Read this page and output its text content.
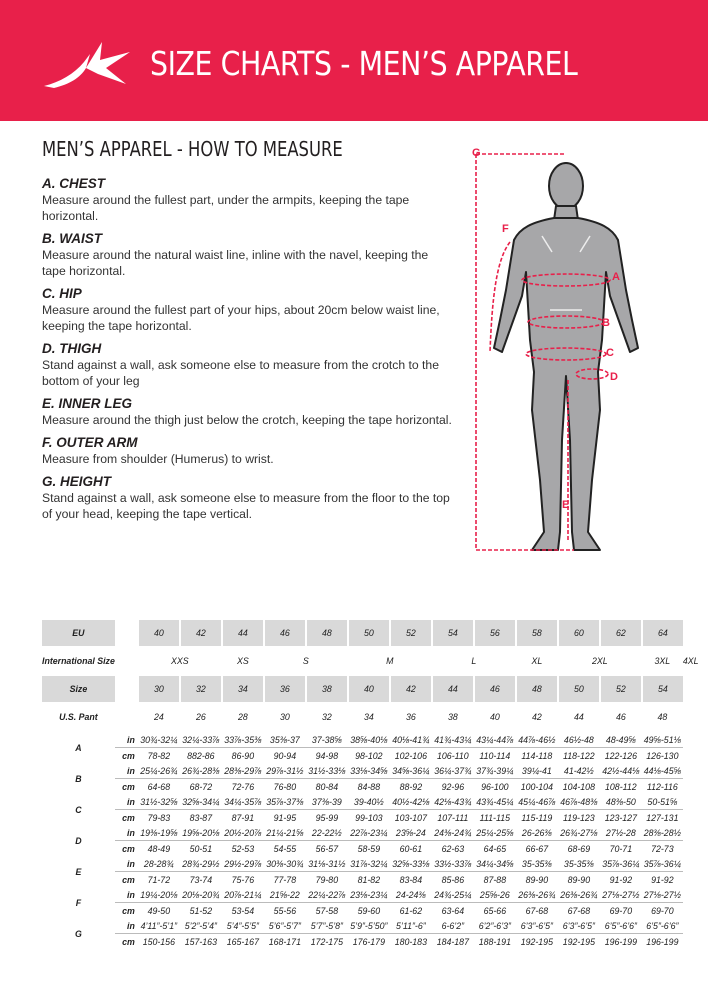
SIZE CHARTS - MEN’S APPAREL
MEN’S APPAREL - HOW TO MEASURE
A. CHEST
Measure around the fullest part, under the armpits, keeping the tape horizontal.
B. WAIST
Measure around the natural waist line, inline with the navel, keeping the tape horizontal.
C. HIP
Measure around the fullest part of your hips, about 20cm below waist line, keeping the tape horizontal.
D. THIGH
Stand against a wall, ask someone else to measure from the crotch to the bottom of your leg
E. INNER LEG
Measure around the thigh just below the crotch, keeping the tape horizontal.
F. OUTER ARM
Measure from shoulder (Humerus) to wrist.
G. HEIGHT
Stand against a wall, ask someone else to measure from the floor to the top of your head, keeping the tape vertical.
G
F
A
B
C
D
E
EU		40	42	44	46	48	50	52	54	56	58	60	62	64	
International Size		XXS		XS	S		M		L		XL	2XL		3XL	4XL
Size		30	32	34	36	38	40	42	44	46	48	50	52	54	
U.S. Pant		24	26	28	30	32	34	36	38	40	42	44	46	48	
A	in	30¾-32¼	32¼-33⅞	33⅞-35⅜	35⅜-37	37-38⅝	38⅝-40⅛	40⅛-41¾	41¾-43¼	43¼-44⅞	44⅞-46½	46½-48	48-49⅝	49⅝-51⅛	
	cm	78-82	882-86	86-90	90-94	94-98	98-102	102-106	106-110	110-114	114-118	118-122	122-126	126-130	
B	in	25¼-26¾	26¾-28⅜	28⅜-29⅞	29⅞-31½	31½-33⅛	33⅛-34⅝	34⅝-36¼	36¼-37¾	37¾-39¼	39¼-41	41-42½	42½-44⅛	44⅛-45⅝	
	cm	64-68	68-72	72-76	76-80	80-84	84-88	88-92	92-96	96-100	100-104	104-108	108-112	112-116	
C	in	31½-32⅝	32⅝-34¼	34¼-35⅞	35⅞-37⅜	37⅜-39	39-40½	40½-42⅛	42⅛-43¾	43¾-45¼	45¼-46⅞	46⅞-48⅜	48⅜-50	50-51⅝	
	cm	79-83	83-87	87-91	91-95	95-99	99-103	103-107	107-111	111-115	115-119	119-123	123-127	127-131	
D	in	19⅜-19⅝	19⅝-20⅛	20½-20⅞	21¼-21⅝	22-22½	22⅞-23¼	23⅝-24	24⅜-24¾	25¼-25⅝	26-26⅜	26¾-27⅛	27½-28	28⅜-28½	
	cm	48-49	50-51	52-53	54-55	56-57	58-59	60-61	62-63	64-65	66-67	68-69	70-71	72-73	
E	in	28-28¾	28¾-29½	29½-29⅞	30⅜-30¾	31⅛-31½	31⅞-32¼	32⅝-33⅛	33½-33⅞	34¼-34⅝	35-35⅜	35-35⅜	35⅞-36¼	35⅞-36¼	
	cm	71-72	73-74	75-76	77-78	79-80	81-82	83-84	85-86	87-88	89-90	89-90	91-92	91-92	
F	in	19¼-20⅛	20⅛-20¾	20⅞-21¼	21⅝-22	22¼-22⅞	23⅛-23¼	24-24⅜	24¾-25¼	25⅝-26	26⅜-26¾	26⅜-26¾	27⅛-27½	27⅛-27½	
	cm	49-50	51-52	53-54	55-56	57-58	59-60	61-62	63-64	65-66	67-68	67-68	69-70	69-70	
G	in	4’11”-5’1”	5’2”-5’4”	5’4”-5’5”	5’6”-5’7”	5’7”-5’8”	5’9”-5’50”	5’11”-6”	6-6’2”	6’2”-6’3”	6’3”-6’5”	6’3”-6’5”	6’5”-6’6”	6’5”-6’6”	
	cm	150-156	157-163	165-167	168-171	172-175	176-179	180-183	184-187	188-191	192-195	192-195	196-199	196-199	
